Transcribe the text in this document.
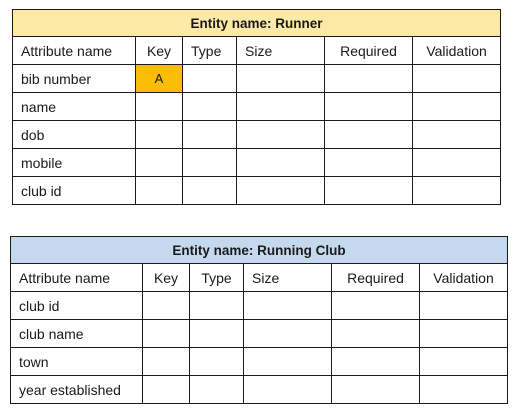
Entity name: Runner					
Attribute name	Key	Type	Size	Required	Validation
bib number	A				
name					
dob					
mobile					
club id					
Entity name: Running Club					
Attribute name	Key	Type	Size	Required	Validation
club id					
club name					
town					
year established					
